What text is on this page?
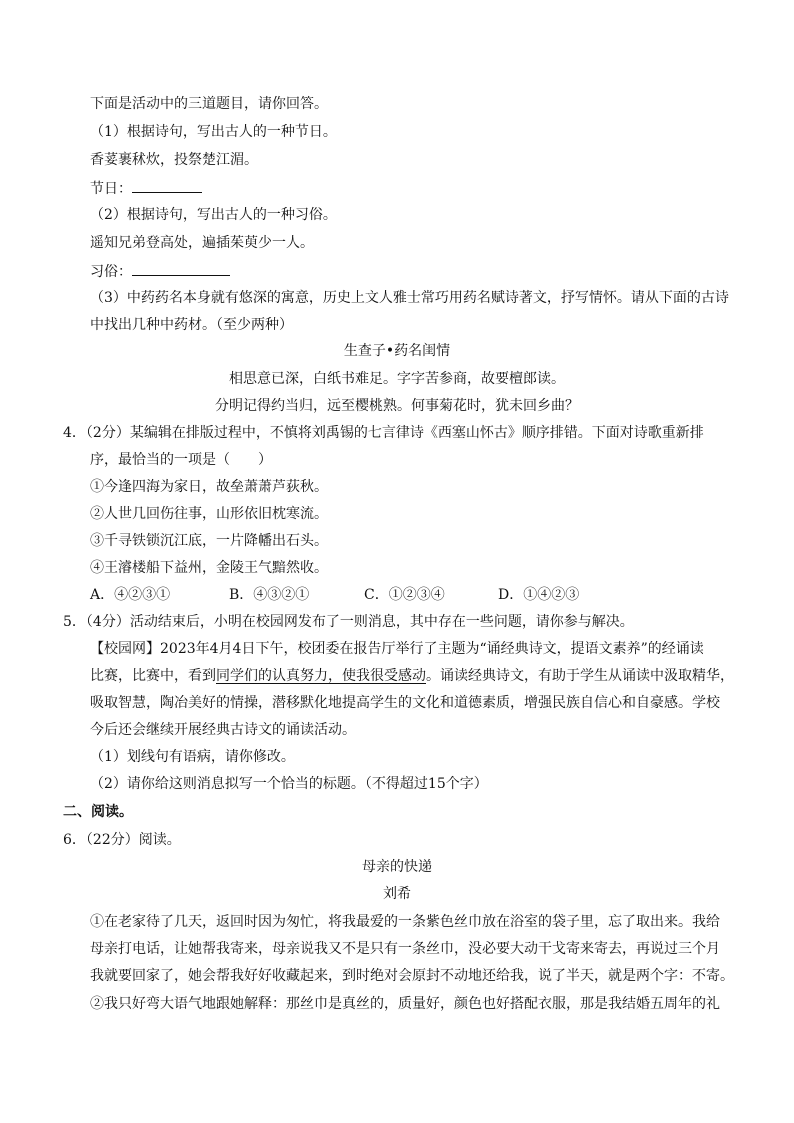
下面是活动中的三道题目，请你回答。
（1）根据诗句，写出古人的一种节日。
香荽裹秫炊，投祭楚江湄。
节日：
（2）根据诗句，写出古人的一种习俗。
遥知兄弟登高处，遍插茱萸少一人。
习俗：
（3）中药药名本身就有悠深的寓意，历史上文人雅士常巧用药名赋诗著文，抒写情怀。请从下面的古诗
中找出几种中药材。（至少两种）
生查子•药名闺情
相思意已深，白纸书难足。字字苦参商，故要檀郎读。
分明记得约当归，远至樱桃熟。何事菊花时，犹未回乡曲？
4．（2分）某编辑在排版过程中，不慎将刘禹锡的七言律诗《西塞山怀古》顺序排错。下面对诗歌重新排
序，最恰当的一项是（　　）
①今逢四海为家日，故垒萧萧芦荻秋。
②人世几回伤往事，山形依旧枕寒流。
③千寻铁锁沉江底，一片降幡出石头。
④王濬楼船下益州，金陵王气黯然收。
A．④②③①	B．④③②①	C．①②③④	D．①④②③
5．（4分）活动结束后，小明在校园网发布了一则消息，其中存在一些问题，请你参与解决。
【校园网】2023年4月4日下午，校团委在报告厅举行了主题为“诵经典诗文，提语文素养”的经诵读
比赛，比赛中，看到同学们的认真努力，使我很受感动。诵读经典诗文，有助于学生从诵读中汲取精华，
吸取智慧，陶冶美好的情操，潜移默化地提高学生的文化和道德素质，增强民族自信心和自豪感。学校
今后还会继续开展经典古诗文的诵读活动。
（1）划线句有语病，请你修改。
（2）请你给这则消息拟写一个恰当的标题。（不得超过15个字）
二、阅读。
6．（22分）阅读。
母亲的快递
刘希
①在老家待了几天，返回时因为匆忙，将我最爱的一条紫色丝巾放在浴室的袋子里，忘了取出来。我给
母亲打电话，让她帮我寄来，母亲说我又不是只有一条丝巾，没必要大动干戈寄来寄去，再说过三个月
我就要回家了，她会帮我好好收藏起来，到时绝对会原封不动地还给我，说了半天，就是两个字：不寄。
②我只好弯大语气地跟她解释：那丝巾是真丝的，质量好，颜色也好搭配衣服，那是我结婚五周年的礼
